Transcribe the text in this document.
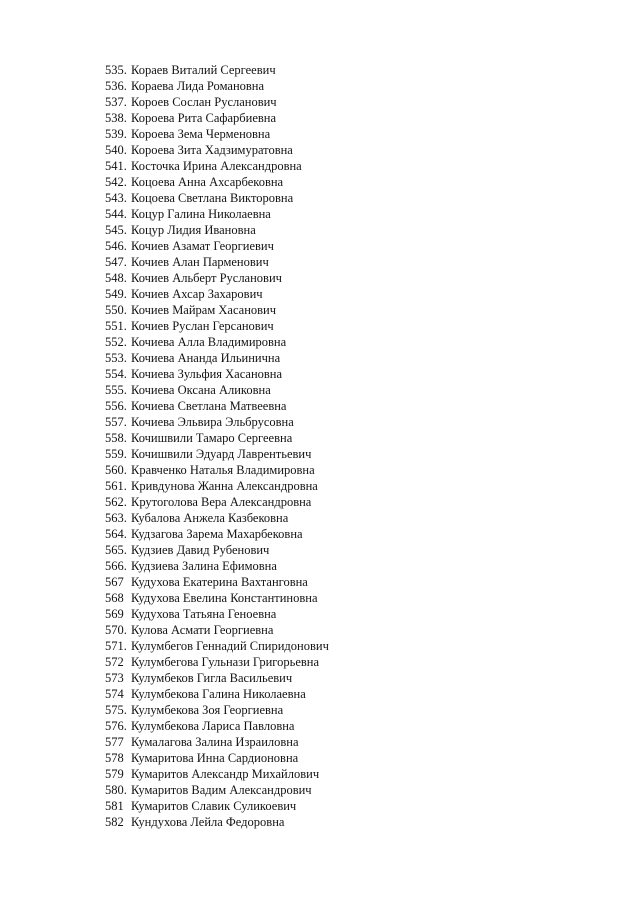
535. Кораев Виталий Сергеевич
536. Кораева Лида Романовна
537. Короев Сослан Русланович
538. Короева Рита Сафарбиевна
539. Короева Зема Черменовна
540. Короева Зита Хадзимуратовна
541. Косточка Ирина Александровна
542. Коцоева Анна Ахсарбековна
543. Коцоева Светлана Викторовна
544. Коцур Галина Николаевна
545. Коцур Лидия Ивановна
546. Кочиев Азамат Георгиевич
547. Кочиев Алан Парменович
548. Кочиев Альберт Русланович
549. Кочиев Ахсар Захарович
550. Кочиев Майрам Хасанович
551. Кочиев Руслан Герсанович
552. Кочиева Алла Владимировна
553. Кочиева Ананда Ильинична
554. Кочиева Зульфия Хасановна
555. Кочиева Оксана Аликовна
556. Кочиева Светлана Матвеевна
557. Кочиева Эльвира Эльбрусовна
558. Кочишвили Тамаро Сергеевна
559. Кочишвили Эдуард Лаврентьевич
560. Кравченко Наталья Владимировна
561. Кривдунова Жанна Александровна
562. Крутоголова Вера Александровна
563. Кубалова Анжела Казбековна
564. Кудзагова Зарема Махарбековна
565. Кудзиев Давид Рубенович
566. Кудзиева Залина Ефимовна
567 Кудухова Екатерина Вахтанговна
568 Кудухова Евелина Константиновна
569 Кудухова Татьяна Геноевна
570. Кулова Асмати Георгиевна
571. Кулумбегов Геннадий Спиридонович
572 Кулумбегова Гульнази Григорьевна
573 Кулумбеков Гигла Васильевич
574 Кулумбекова Галина Николаевна
575. Кулумбекова Зоя Георгиевна
576. Кулумбекова Лариса Павловна
577 Кумалагова Залина Израиловна
578 Кумаритова Инна Сардионовна
579 Кумаритов Александр Михайлович
580. Кумаритов Вадим Александрович
581 Кумаритов Славик Суликоевич
582 Кундухова Лейла Федоровна
